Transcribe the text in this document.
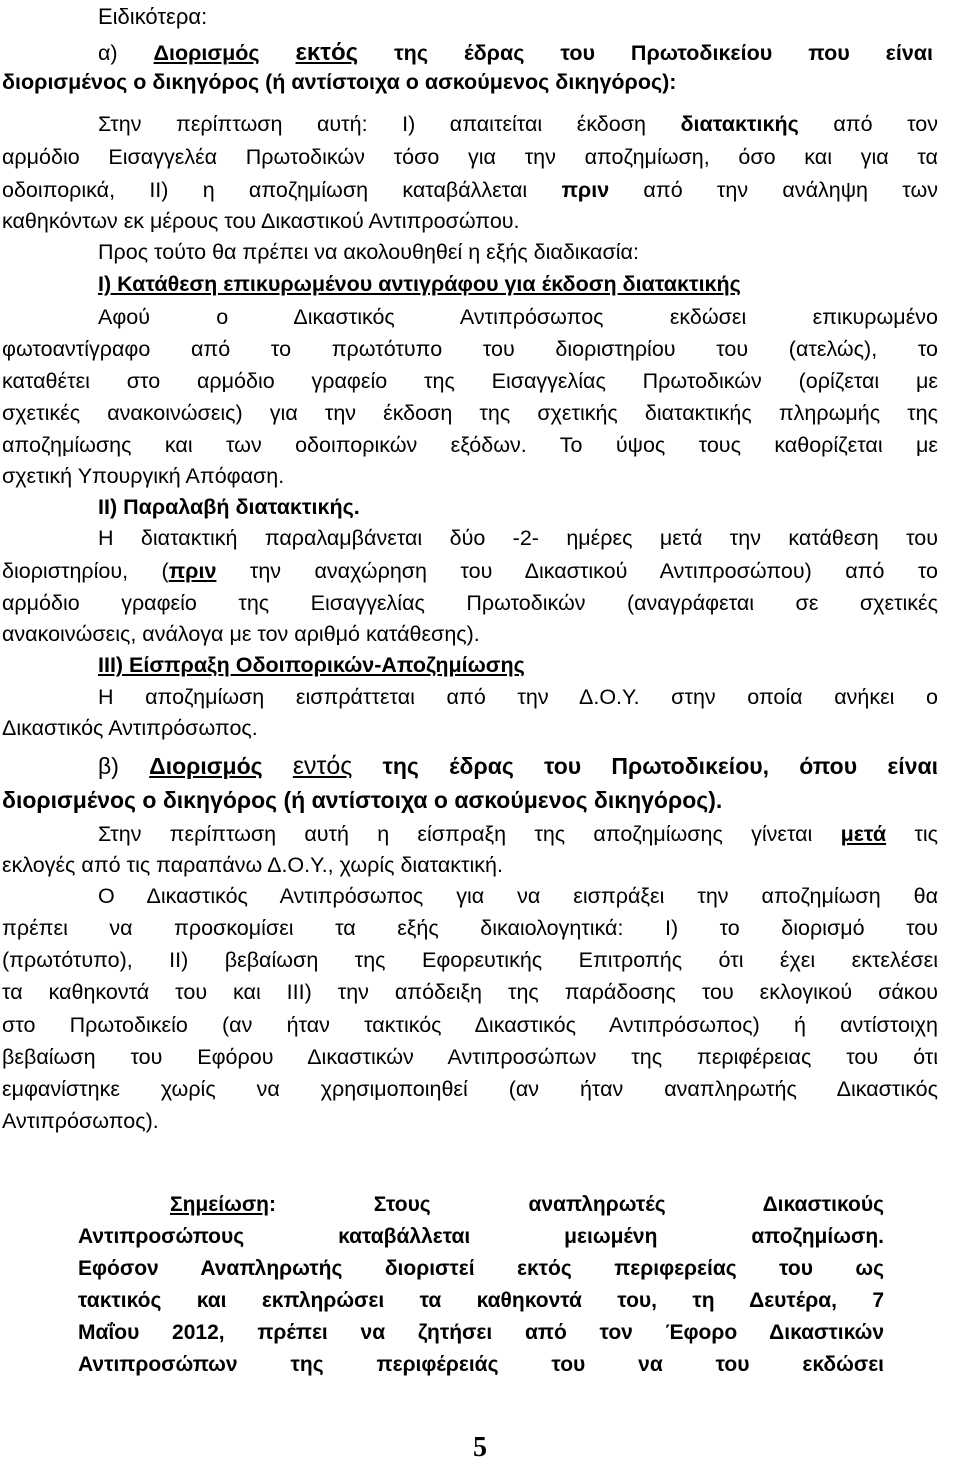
Ειδικότερα:
α) Διορισμός εκτός της έδρας του Πρωτοδικείου που είναι
διορισμένος ο δικηγόρος (ή αντίστοιχα ο ασκούμενος δικηγόρος):
Στην περίπτωση αυτή: Ι) απαιτείται έκδοση διατακτικής από τον
αρμόδιο Εισαγγελέα Πρωτοδικών τόσο για την αποζημίωση, όσο και για τα
οδοιπορικά, ΙΙ) η αποζημίωση καταβάλλεται πριν από την ανάληψη των
καθηκόντων εκ μέρους του Δικαστικού Αντιπροσώπου.
Προς τούτο θα πρέπει να ακολουθηθεί η εξής διαδικασία:
Ι) Κατάθεση επικυρωμένου αντιγράφου για έκδοση διατακτικής
Αφού ο Δικαστικός Αντιπρόσωπος εκδώσει επικυρωμένο
φωτοαντίγραφο από το πρωτότυπο του διοριστηρίου του (ατελώς), το
καταθέτει στο αρμόδιο γραφείο της Εισαγγελίας Πρωτοδικών (ορίζεται με
σχετικές ανακοινώσεις) για την έκδοση της σχετικής διατακτικής πληρωμής της
αποζημίωσης και των οδοιπορικών εξόδων. Το ύψος τους καθορίζεται με
σχετική Υπουργική Απόφαση.
ΙΙ) Παραλαβή διατακτικής.
Η διατακτική παραλαμβάνεται δύο -2- ημέρες μετά την κατάθεση του
διοριστηρίου, (πριν την αναχώρηση του Δικαστικού Αντιπροσώπου) από το
αρμόδιο γραφείο της Εισαγγελίας Πρωτοδικών (αναγράφεται σε σχετικές
ανακοινώσεις, ανάλογα με τον αριθμό κατάθεσης).
ΙΙΙ) Είσπραξη Οδοιπορικών-Αποζημίωσης
Η αποζημίωση εισπράττεται από την Δ.Ο.Υ. στην οποία ανήκει ο
Δικαστικός Αντιπρόσωπος.
β) Διορισμός εντός της έδρας του Πρωτοδικείου, όπου είναι
διορισμένος ο δικηγόρος (ή αντίστοιχα ο ασκούμενος δικηγόρος).
Στην περίπτωση αυτή η είσπραξη της αποζημίωσης γίνεται μετά τις
εκλογές από τις παραπάνω Δ.Ο.Υ., χωρίς διατακτική.
Ο Δικαστικός Αντιπρόσωπος για να εισπράξει την αποζημίωση θα
πρέπει να προσκομίσει τα εξής δικαιολογητικά: Ι) το διορισμό του
(πρωτότυπο), ΙΙ) βεβαίωση της Εφορευτικής Επιτροπής ότι έχει εκτελέσει
τα καθηκοντά του και ΙΙΙ) την απόδειξη της παράδοσης του εκλογικού σάκου
στο Πρωτοδικείο (αν ήταν τακτικός Δικαστικός Αντιπρόσωπος) ή αντίστοιχη
βεβαίωση του Εφόρου Δικαστικών Αντιπροσώπων της περιφέρειας του ότι
εμφανίστηκε χωρίς να χρησιμοποιηθεί (αν ήταν αναπληρωτής Δικαστικός
Αντιπρόσωπος).
Σημείωση: Στους αναπληρωτές Δικαστικούς
Αντιπροσώπους καταβάλλεται μειωμένη αποζημίωση.
Εφόσον Αναπληρωτής διοριστεί εκτός περιφερείας του ως
τακτικός και εκπληρώσει τα καθηκοντά του, τη Δευτέρα, 7
Μαΐου 2012, πρέπει να ζητήσει από τον Έφορο Δικαστικών
Αντιπροσώπων της περιφέρειάς του να του εκδώσει
5
